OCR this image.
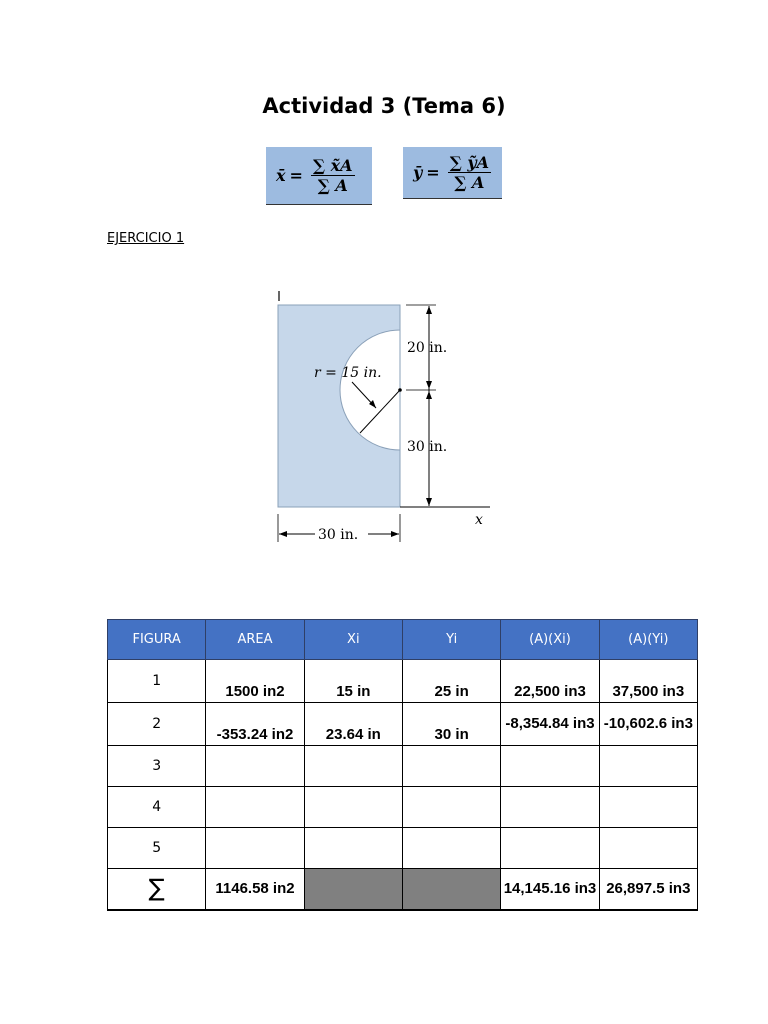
Actividad 3 (Tema 6)
x̄ = $\frac{\sum x̃A}{\sum A}$	ȳ = $\frac{\text{∑ ỹA}}{\sum A}$
EJERCICIO 1
r = 15 in.
20 in.
30 in.
30 in.
x
FIGURA	AREA	Xi	Yi	(A)(Xi)	(A)(Yi)
1	1500 in2	15 in	25 in	22,500 in3	37,500 in3
2	-353.24 in2	23.64 in	30 in	-8,354.84 in3	-10,602.6 in3
3					
4					
5					
∑	1146.58 in2			14,145.16 in3	26,897.5 in3
